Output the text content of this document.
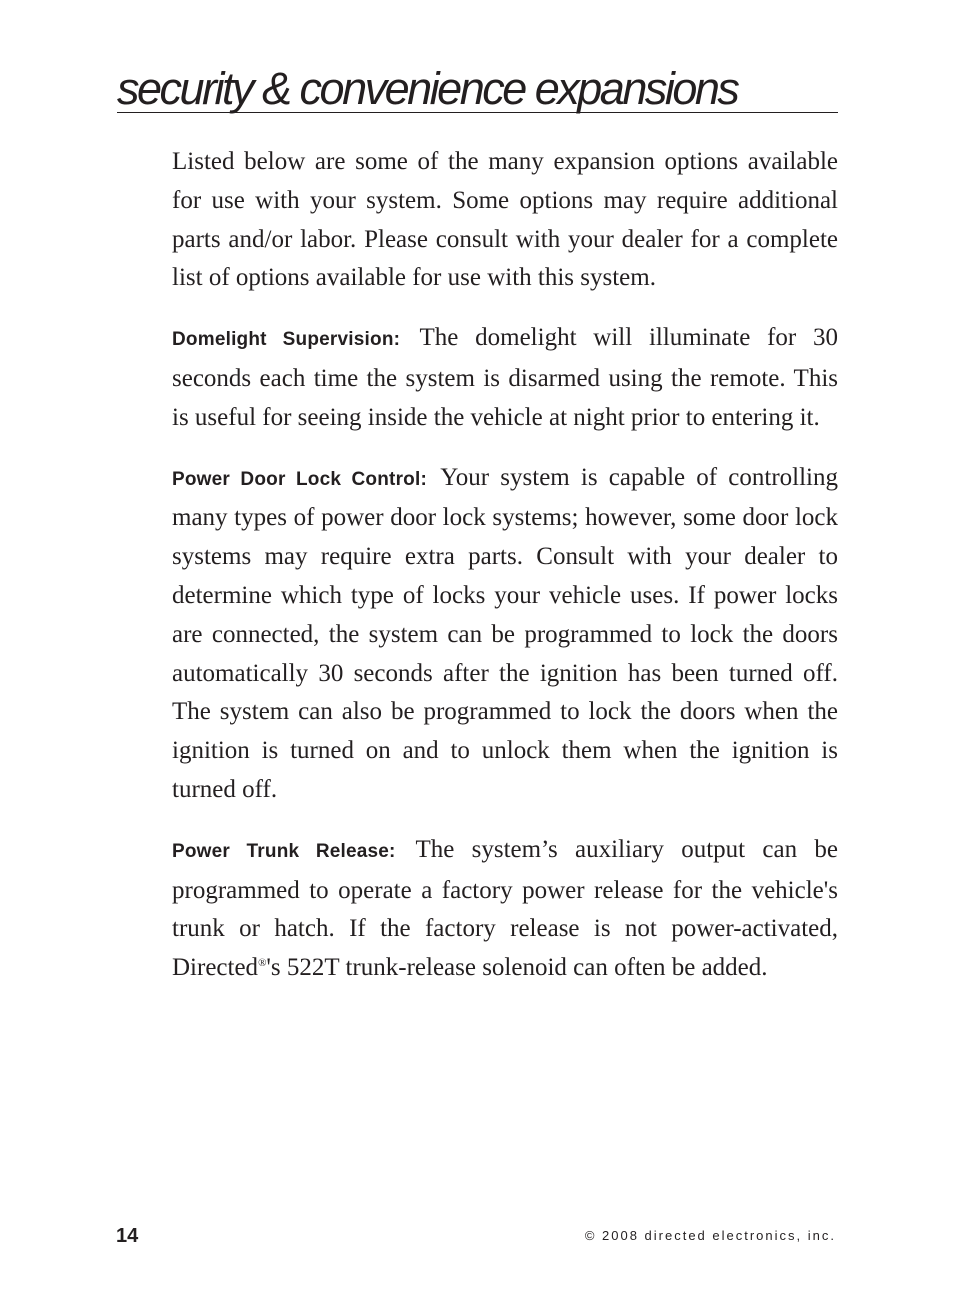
security & convenience expansions

Listed below are some of the many expansion options available for use with your system. Some options may require additional parts and/or labor. Please consult with your dealer for a complete list of options available for use with this system.

Domelight Supervision: The domelight will illuminate for 30 seconds each time the system is disarmed using the remote. This is useful for seeing inside the vehicle at night prior to entering it.

Power Door Lock Control: Your system is capable of controlling many types of power door lock systems; however, some door lock systems may require extra parts. Consult with your dealer to determine which type of locks your vehicle uses. If power locks are connected, the system can be programmed to lock the doors automatically 30 seconds after the ignition has been turned off. The system can also be programmed to lock the doors when the ignition is turned on and to unlock them when the ignition is turned off.

Power Trunk Release: The system’s auxiliary output can be programmed to operate a factory power release for the vehicle's trunk or hatch. If the factory release is not power-activated, Directed®'s 522T trunk-release solenoid can often be added.

14	© 2008 directed electronics, inc.
